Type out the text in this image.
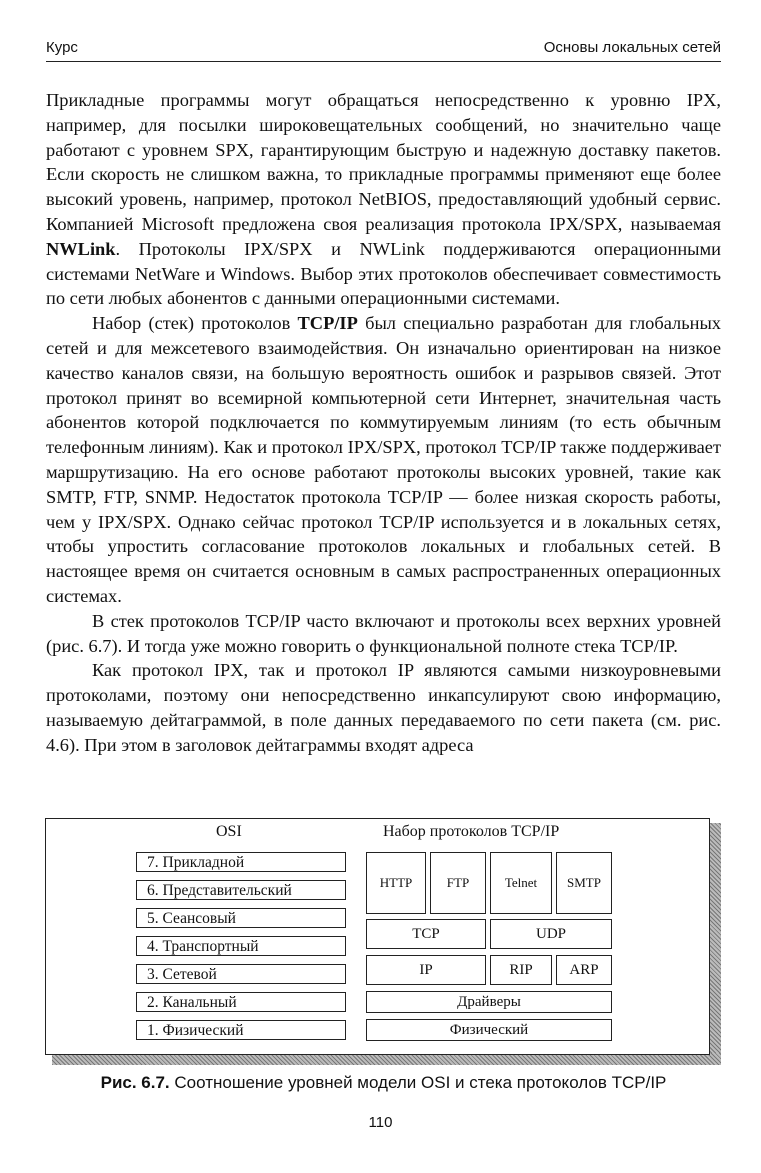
Курс	Основы локальных сетей

Прикладные программы могут обращаться непосредственно к уровню IPX, например, для посылки широковещательных сообщений, но значительно чаще работают с уровнем SPX, гарантирующим быструю и надежную доставку пакетов. Если скорость не слишком важна, то прикладные программы применяют еще более высокий уровень, например, протокол NetBIOS, предоставляющий удобный сервис. Компанией Microsoft предложена своя реализация протокола IPX/SPX, называемая NWLink. Протоколы IPX/SPX и NWLink поддерживаются операционными системами NetWare и Windows. Выбор этих протоколов обеспечивает совместимость по сети любых абонентов с данными операционными системами.

Набор (стек) протоколов TCP/IP был специально разработан для глобальных сетей и для межсетевого взаимодействия. Он изначально ориентирован на низкое качество каналов связи, на большую вероятность ошибок и разрывов связей. Этот протокол принят во всемирной компьютерной сети Интернет, значительная часть абонентов которой подключается по коммутируемым линиям (то есть обычным телефонным линиям). Как и протокол IPX/SPX, протокол TCP/IP также поддерживает маршрутизацию. На его основе работают протоколы высоких уровней, такие как SMTP, FTP, SNMP. Недостаток протокола TCP/IP — более низкая скорость работы, чем у IPX/SPX. Однако сейчас протокол TCP/IP используется и в локальных сетях, чтобы упростить согласование протоколов локальных и глобальных сетей. В настоящее время он считается основным в самых распространенных операционных системах.

В стек протоколов TCP/IP часто включают и протоколы всех верхних уровней (рис. 6.7). И тогда уже можно говорить о функциональной полноте стека TCP/IP.

Как протокол IPX, так и протокол IP являются самыми низкоуровневыми протоколами, поэтому они непосредственно инкапсулируют свою информацию, называемую дейтаграммой, в поле данных передаваемого по сети пакета (см. рис. 4.6). При этом в заголовок дейтаграммы входят адреса

OSI	Набор протоколов TCP/IP
7. Прикладной
6. Представительский
5. Сеансовый
4. Транспортный
3. Сетевой
2. Канальный
1. Физический
HTTP	FTP	Telnet	SMTP
TCP	UDP
IP	RIP	ARP
Драйверы
Физический
Рис. 6.7. Соотношение уровней модели OSI и стека протоколов TCP/IP
110
